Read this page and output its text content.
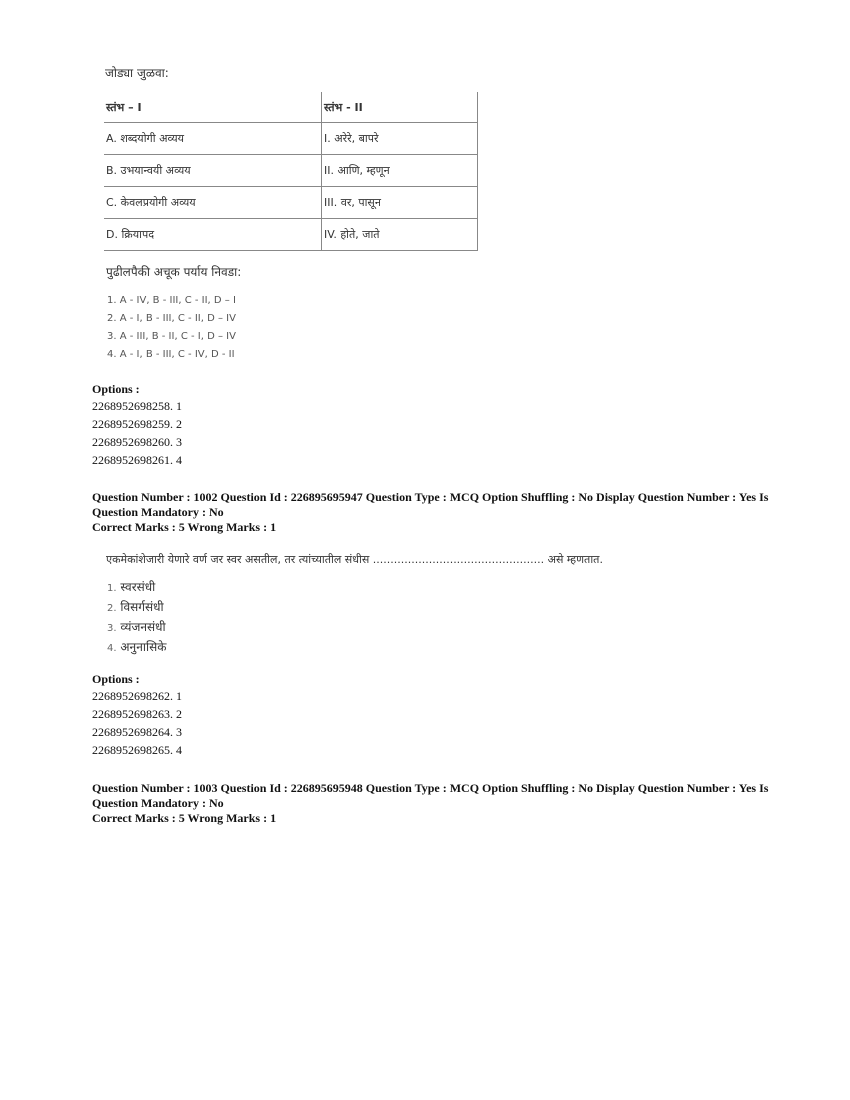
जोड्या जुळवा:
स्तंभ – I	स्तंभ - II
A. शब्दयोगी अव्यय	I. अरेरे, बापरे
B. उभयान्वयी अव्यय	II. आणि, म्हणून
C. केवलप्रयोगी अव्यय	III. वर, पासून
D. क्रियापद	IV. होते, जाते
पुढीलपैकी अचूक पर्याय निवडा:
1. A - IV, B - III, C - II, D – I
2. A - I, B - III, C - II, D – IV
3. A - III, B - II, C - I, D – IV
4. A - I, B - III, C - IV, D - II
Options :
2268952698258. 1
2268952698259. 2
2268952698260. 3
2268952698261. 4
Question Number : 1002 Question Id : 226895695947 Question Type : MCQ Option Shuffling : No Display Question Number : Yes Is
Question Mandatory : No
Correct Marks : 5 Wrong Marks : 1
एकमेकांशेजारी येणारे वर्ण जर स्वर असतील, तर त्यांच्यातील संधीस ................................................. असे म्हणतात.
1. स्वरसंधी
2. विसर्गसंधी
3. व्यंजनसंधी
4. अनुनासिके
Options :
2268952698262. 1
2268952698263. 2
2268952698264. 3
2268952698265. 4
Question Number : 1003 Question Id : 226895695948 Question Type : MCQ Option Shuffling : No Display Question Number : Yes Is
Question Mandatory : No
Correct Marks : 5 Wrong Marks : 1
